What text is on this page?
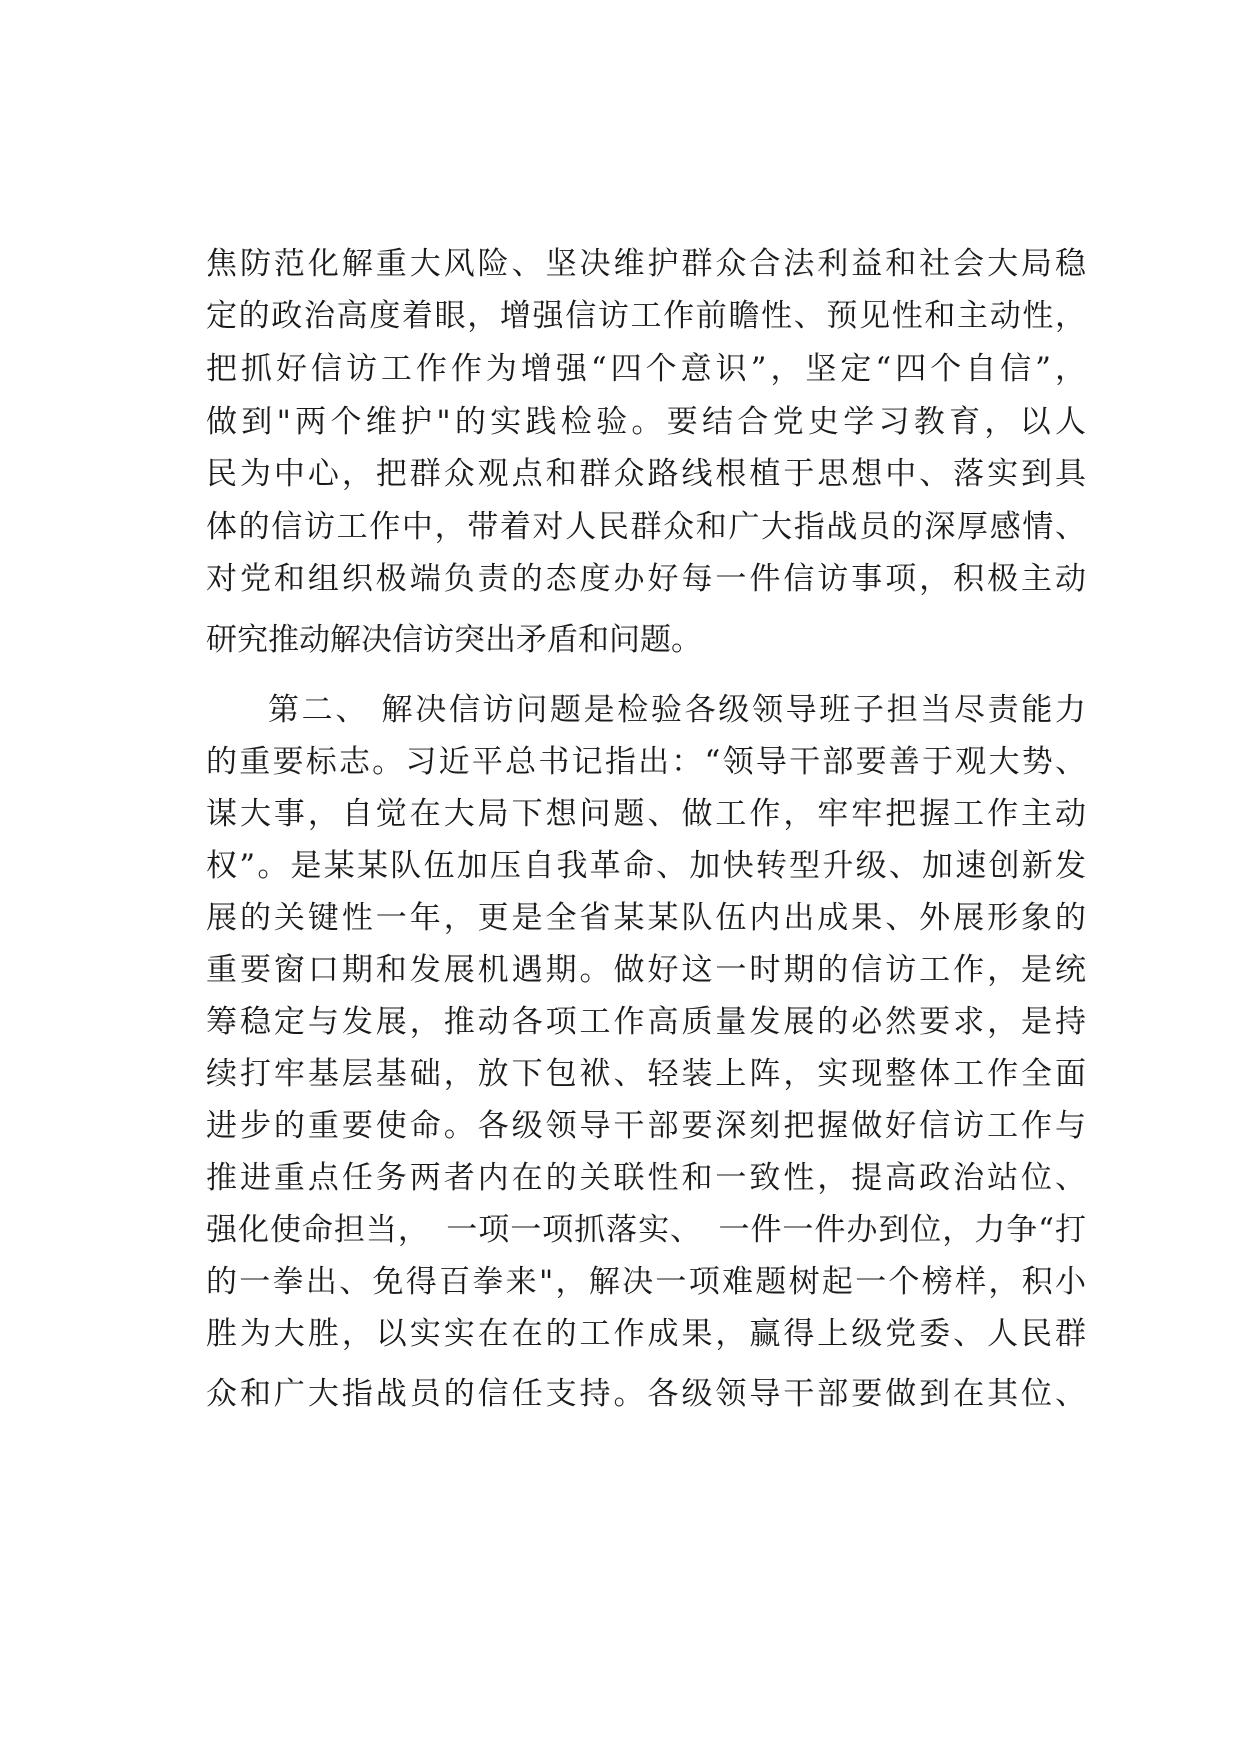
焦防范化解重大风险、坚决维护群众合法利益和社会大局稳
定的政治高度着眼，增强信访工作前瞻性、预见性和主动性，
把抓好信访工作作为增强“四个意识”，坚定“四个自信”，
做到"两个维护"的实践检验。要结合党史学习教育，以人
民为中心，把群众观点和群众路线根植于思想中、落实到具
体的信访工作中，带着对人民群众和广大指战员的深厚感情、
对党和组织极端负责的态度办好每一件信访事项，积极主动
研究推动解决信访突出矛盾和问题。
第二、 解决信访问题是检验各级领导班子担当尽责能力
的重要标志。习近平总书记指出：“领导干部要善于观大势、
谋大事，自觉在大局下想问题、做工作，牢牢把握工作主动
权”。是某某队伍加压自我革命、加快转型升级、加速创新发
展的关键性一年，更是全省某某队伍内出成果、外展形象的
重要窗口期和发展机遇期。做好这一时期的信访工作，是统
筹稳定与发展，推动各项工作高质量发展的必然要求，是持
续打牢基层基础，放下包袱、轻装上阵，实现整体工作全面
进步的重要使命。各级领导干部要深刻把握做好信访工作与
推进重点任务两者内在的关联性和一致性，提高政治站位、
强化使命担当，　一项一项抓落实、　一件一件办到位，力争“打
的一拳出、免得百拳来"，解决一项难题树起一个榜样，积小
胜为大胜，以实实在在的工作成果，赢得上级党委、人民群
众和广大指战员的信任支持。各级领导干部要做到在其位、
